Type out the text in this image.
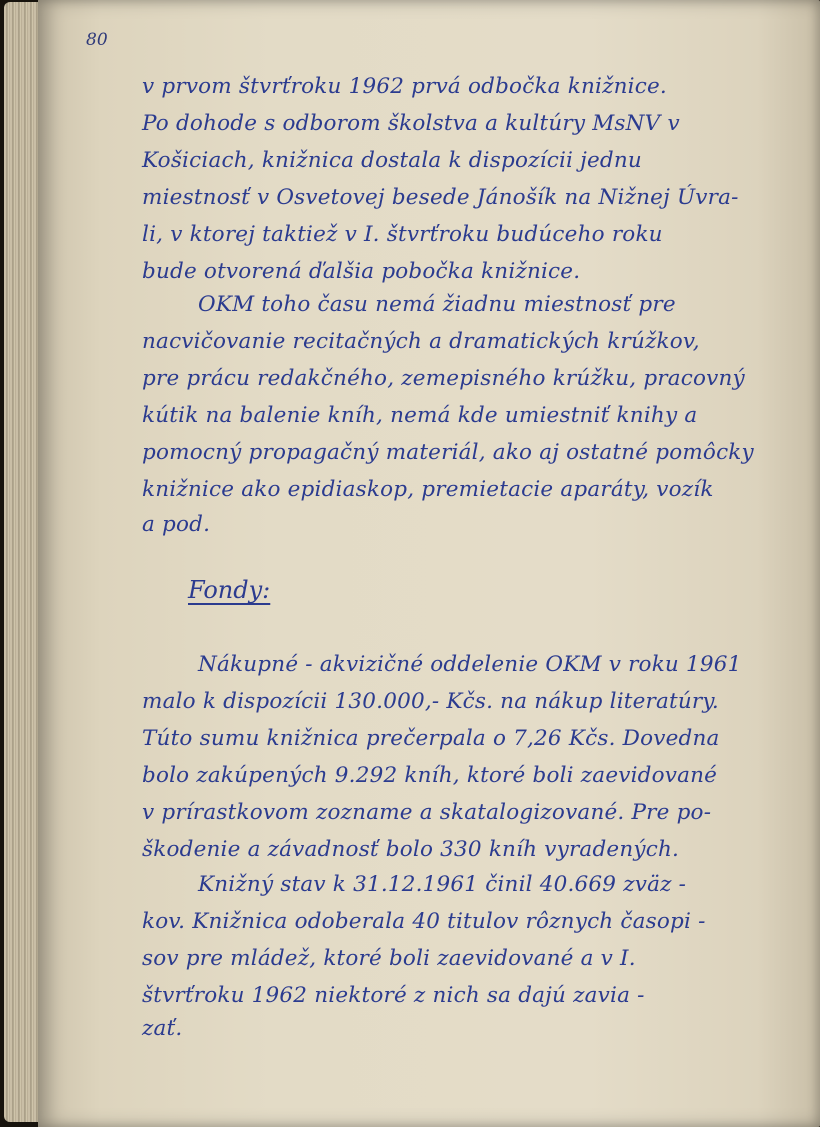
80
v prvom štvrťroku 1962 prvá odbočka knižnice.
Po dohode s odborom školstva a kultúry MsNV v
Košiciach, knižnica dostala k dispozícii jednu
miestnosť v Osvetovej besede Jánošík na Nižnej Úvra-
li, v ktorej taktiež v I. štvrťroku budúceho roku
bude otvorená ďalšia pobočka knižnice.
OKM toho času nemá žiadnu miestnosť pre
nacvičovanie recitačných a dramatických krúžkov,
pre prácu redakčného, zemepisného krúžku, pracovný
kútik na balenie kníh, nemá kde umiestniť knihy a
pomocný propagačný materiál, ako aj ostatné pomôcky
knižnice ako epidiaskop, premietacie aparáty, vozík
a pod.
Fondy:
Nákupné - akvizičné oddelenie OKM v roku 1961
malo k dispozícii 130.000,- Kčs. na nákup literatúry.
Túto sumu knižnica prečerpala o 7,26 Kčs. Dovedna
bolo zakúpených 9.292 kníh, ktoré boli zaevidované
v prírastkovom zozname a skatalogizované. Pre po-
škodenie a závadnosť bolo 330 kníh vyradených.
Knižný stav k 31.12.1961 činil 40.669 zväz -
kov. Knižnica odoberala 40 titulov rôznych časopi -
sov pre mládež, ktoré boli zaevidované a v I.
štvrťroku 1962 niektoré z nich sa dajú zavia -
zať.
